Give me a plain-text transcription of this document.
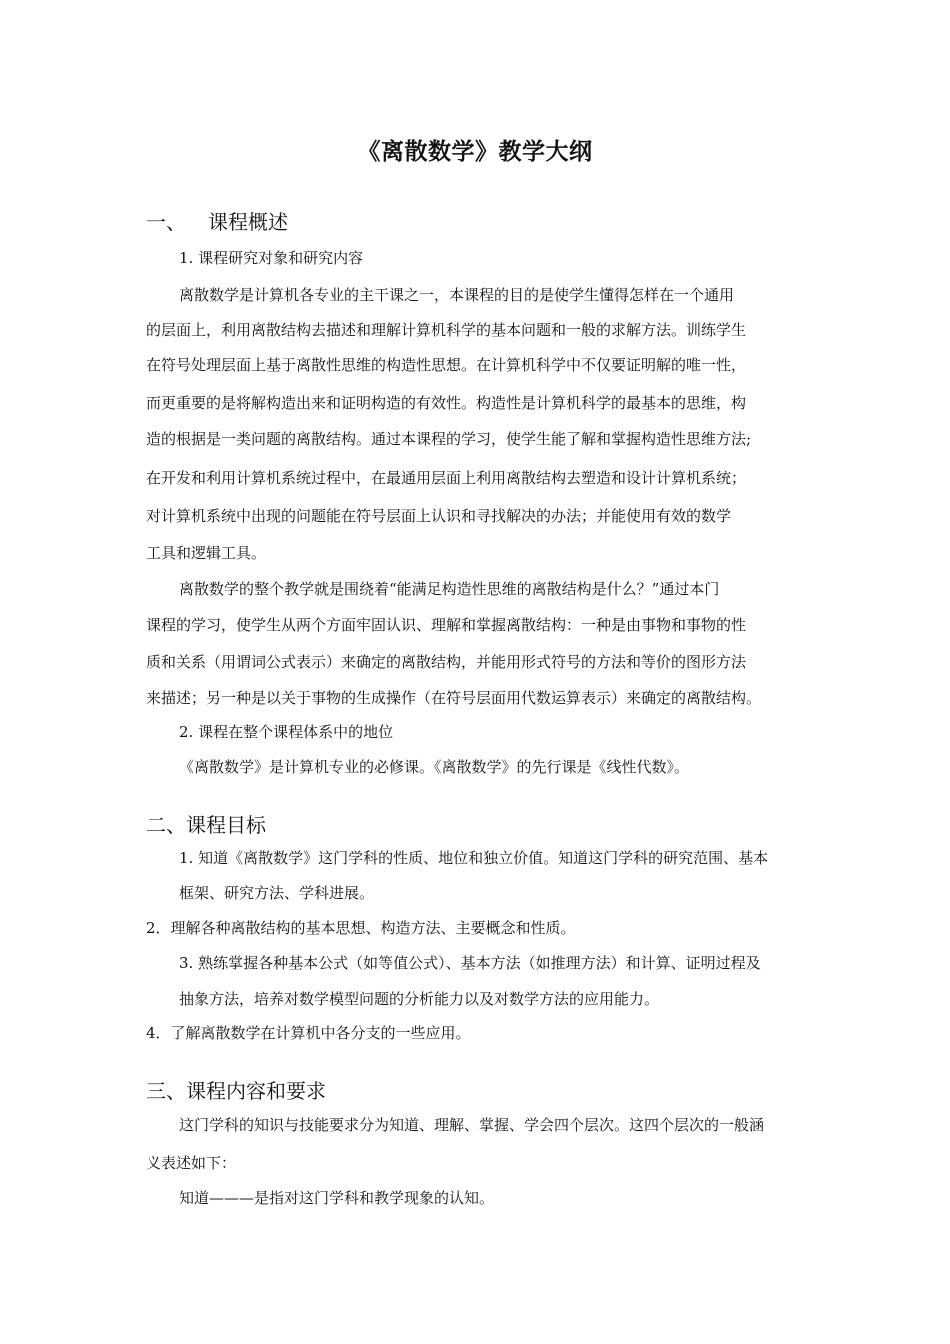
《离散数学》教学大纲
一、 课程概述
1. 课程研究对象和研究内容
离散数学是计算机各专业的主干课之一，本课程的目的是使学生懂得怎样在一个通用
的层面上，利用离散结构去描述和理解计算机科学的基本问题和一般的求解方法。训练学生
在符号处理层面上基于离散性思维的构造性思想。在计算机科学中不仅要证明解的唯一性，
而更重要的是将解构造出来和证明构造的有效性。构造性是计算机科学的最基本的思维，构
造的根据是一类问题的离散结构。通过本课程的学习，使学生能了解和掌握构造性思维方法;
在开发和利用计算机系统过程中，在最通用层面上利用离散结构去塑造和设计计算机系统；
对计算机系统中出现的问题能在符号层面上认识和寻找解决的办法；并能使用有效的数学
工具和逻辑工具。
离散数学的整个教学就是围绕着“能满足构造性思维的离散结构是什么？”通过本门
课程的学习，使学生从两个方面牢固认识、理解和掌握离散结构：一种是由事物和事物的性
质和关系（用谓词公式表示）来确定的离散结构，并能用形式符号的方法和等价的图形方法
来描述；另一种是以关于事物的生成操作（在符号层面用代数运算表示）来确定的离散结构。
2. 课程在整个课程体系中的地位
《离散数学》是计算机专业的必修课。《离散数学》的先行课是《线性代数》。
二、课程目标
1. 知道《离散数学》这门学科的性质、地位和独立价值。知道这门学科的研究范围、基本
框架、研究方法、学科进展。
2．理解各种离散结构的基本思想、构造方法、主要概念和性质。
3. 熟练掌握各种基本公式（如等值公式）、基本方法（如推理方法）和计算、证明过程及
抽象方法，培养对数学模型问题的分析能力以及对数学方法的应用能力。
4．了解离散数学在计算机中各分支的一些应用。
三、课程内容和要求
这门学科的知识与技能要求分为知道、理解、掌握、学会四个层次。这四个层次的一般涵
义表述如下：
知道———是指对这门学科和教学现象的认知。
